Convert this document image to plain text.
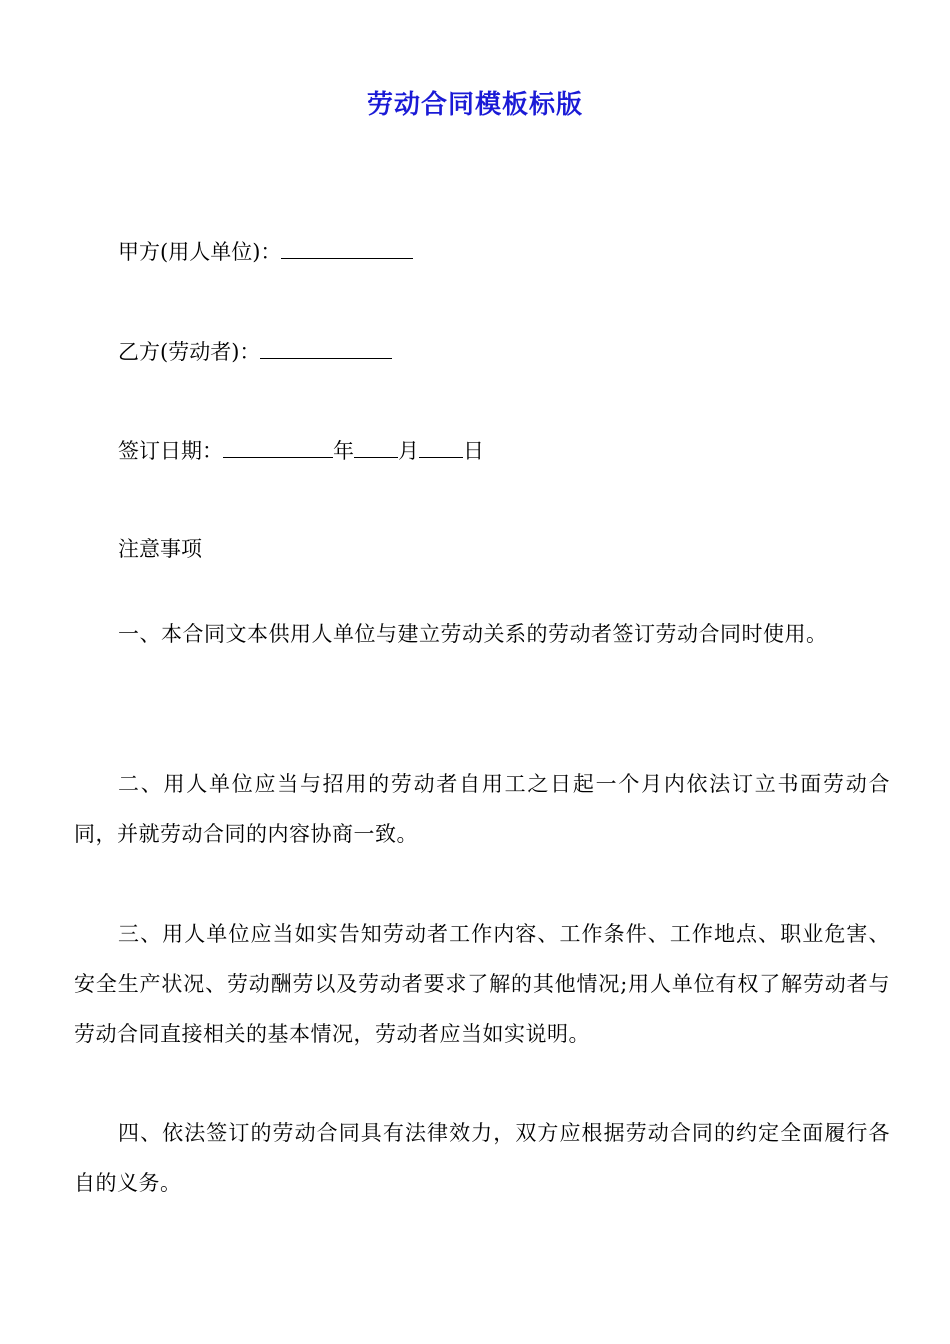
劳动合同模板标版
甲方(用人单位)：
乙方(劳动者)：
签订日期：	年 月 日
注意事项

一、本合同文本供用人单位与建立劳动关系的劳动者签订劳动合同时使用。

二、用人单位应当与招用的劳动者自用工之日起一个月内依法订立书面劳动合同，并就劳动合同的内容协商一致。

三、用人单位应当如实告知劳动者工作内容、工作条件、工作地点、职业危害、安全生产状况、劳动酬劳以及劳动者要求了解的其他情况;用人单位有权了解劳动者与劳动合同直接相关的基本情况，劳动者应当如实说明。

四、依法签订的劳动合同具有法律效力，双方应根据劳动合同的约定全面履行各自的义务。
